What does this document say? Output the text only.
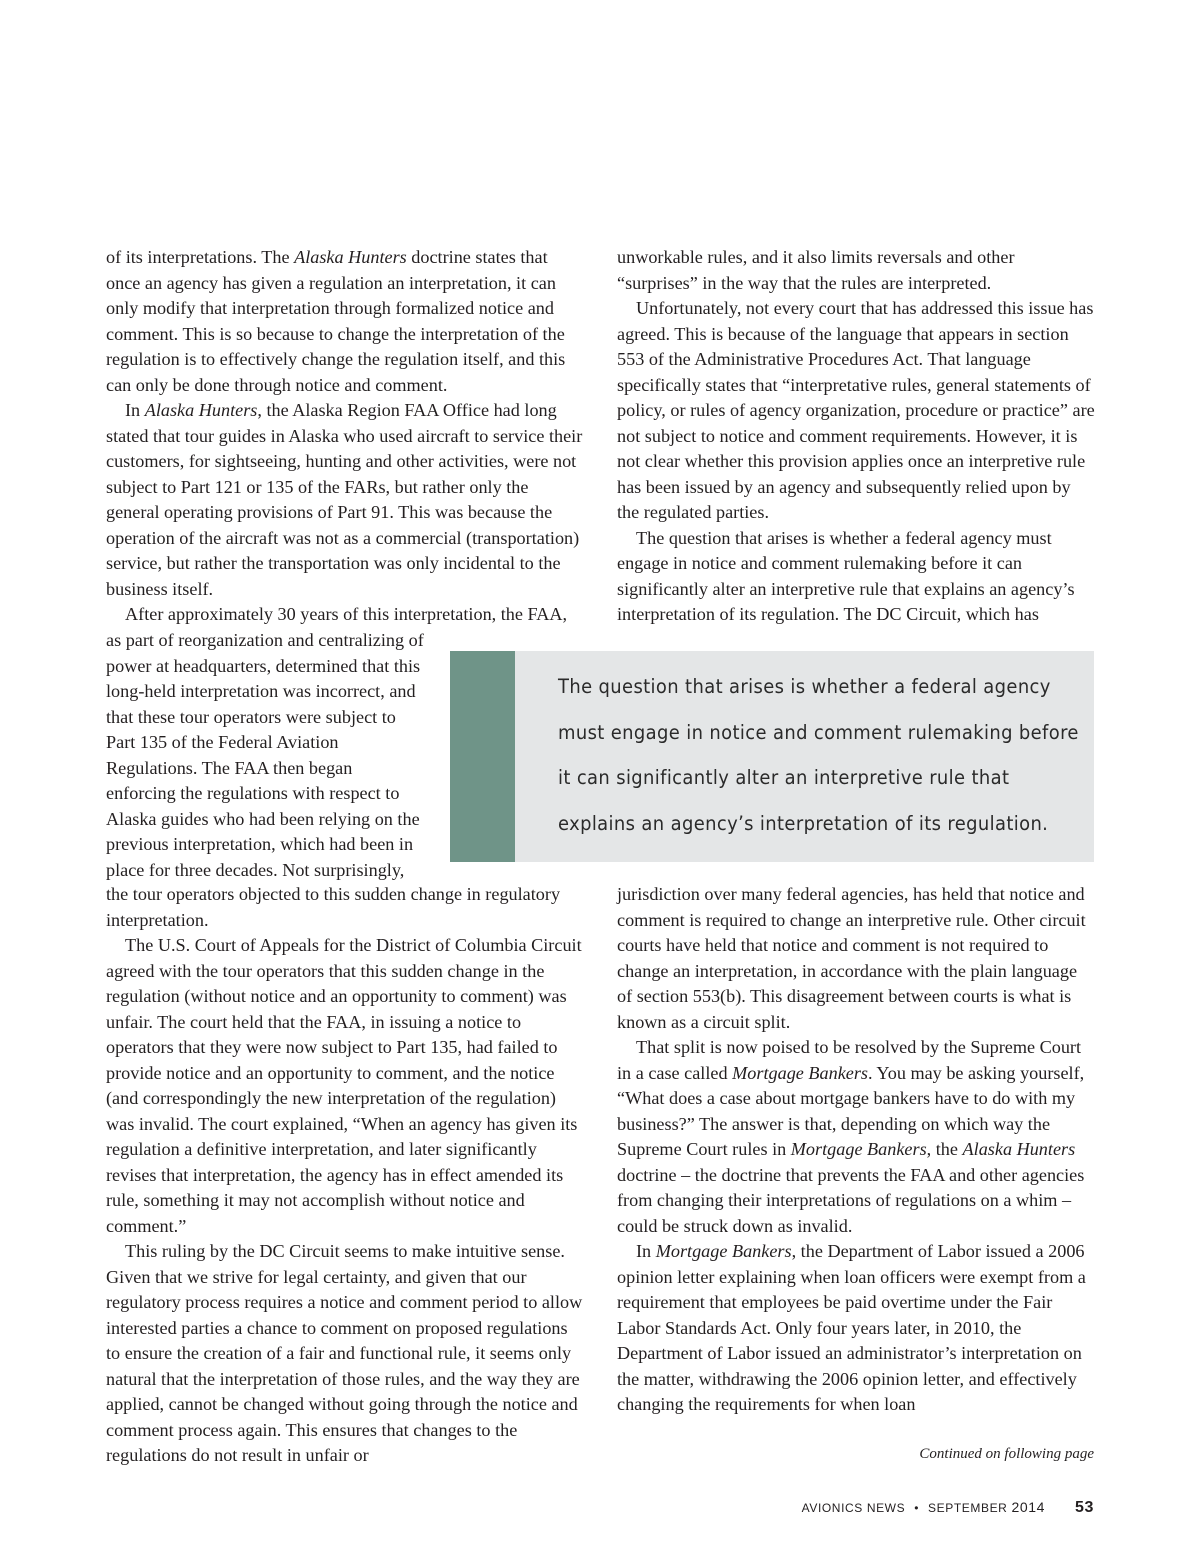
of its interpretations. The Alaska Hunters doctrine states that once an agency has given a regulation an interpretation, it can only modify that interpretation through formalized notice and comment. This is so because to change the interpretation of the regulation is to effectively change the regulation itself, and this can only be done through notice and comment.

In Alaska Hunters, the Alaska Region FAA Office had long stated that tour guides in Alaska who used aircraft to service their customers, for sightseeing, hunting and other activities, were not subject to Part 121 or 135 of the FARs, but rather only the general operating provisions of Part 91. This was because the operation of the aircraft was not as a commercial (transportation) service, but rather the transportation was only incidental to the business itself.

After approximately 30 years of this interpretation, the FAA,

as part of reorganization and centralizing of power at headquarters, determined that this long-held interpretation was incorrect, and that these tour operators were subject to Part 135 of the Federal Aviation Regulations. The FAA then began enforcing the regulations with respect to Alaska guides who had been relying on the previous interpretation, which had been in place for three decades. Not surprisingly,

the tour operators objected to this sudden change in regulatory interpretation.

The U.S. Court of Appeals for the District of Columbia Circuit agreed with the tour operators that this sudden change in the regulation (without notice and an opportunity to comment) was unfair. The court held that the FAA, in issuing a notice to operators that they were now subject to Part 135, had failed to provide notice and an opportunity to comment, and the notice (and correspondingly the new interpretation of the regulation) was invalid. The court explained, “When an agency has given its regulation a definitive interpretation, and later significantly revises that interpretation, the agency has in effect amended its rule, something it may not accomplish without notice and comment.”

This ruling by the DC Circuit seems to make intuitive sense. Given that we strive for legal certainty, and given that our regulatory process requires a notice and comment period to allow interested parties a chance to comment on proposed regulations to ensure the creation of a fair and functional rule, it seems only natural that the interpretation of those rules, and the way they are applied, cannot be changed without going through the notice and comment process again. This ensures that changes to the regulations do not result in unfair or

unworkable rules, and it also limits reversals and other “surprises” in the way that the rules are interpreted.

Unfortunately, not every court that has addressed this issue has agreed. This is because of the language that appears in section 553 of the Administrative Procedures Act. That language specifically states that “interpretative rules, general statements of policy, or rules of agency organization, procedure or practice” are not subject to notice and comment requirements. However, it is not clear whether this provision applies once an interpretive rule has been issued by an agency and subsequently relied upon by the regulated parties.

The question that arises is whether a federal agency must engage in notice and comment rulemaking before it can significantly alter an interpretive rule that explains an agency’s interpretation of its regulation. The DC Circuit, which has

jurisdiction over many federal agencies, has held that notice and comment is required to change an interpretive rule. Other circuit courts have held that notice and comment is not required to change an interpretation, in accordance with the plain language of section 553(b). This disagreement between courts is what is known as a circuit split.

That split is now poised to be resolved by the Supreme Court in a case called Mortgage Bankers. You may be asking yourself, “What does a case about mortgage bankers have to do with my business?” The answer is that, depending on which way the Supreme Court rules in Mortgage Bankers, the Alaska Hunters doctrine – the doctrine that prevents the FAA and other agencies from changing their interpretations of regulations on a whim – could be struck down as invalid.

In Mortgage Bankers, the Department of Labor issued a 2006 opinion letter explaining when loan officers were exempt from a requirement that employees be paid overtime under the Fair Labor Standards Act. Only four years later, in 2010, the Department of Labor issued an administrator’s interpretation on the matter, withdrawing the 2006 opinion letter, and effectively changing the requirements for when loan

The question that arises is whether a federal agency
must engage in notice and comment rulemaking before
it can significantly alter an interpretive rule that
explains an agency’s interpretation of its regulation.
Continued on following page
AVIONICS NEWS • SEPTEMBER 2014 53
